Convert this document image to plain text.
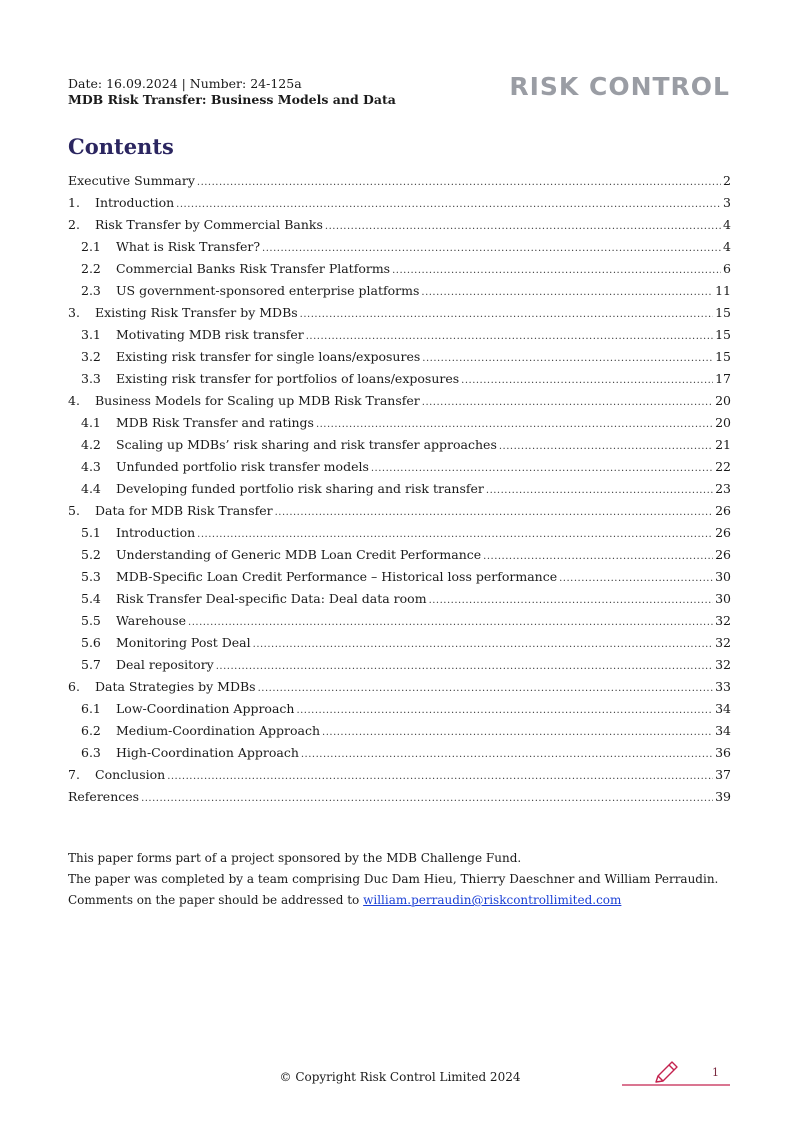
Date: 16.09.2024 | Number: 24-125a
MDB Risk Transfer: Business Models and Data	RISK CONTROL
Contents
Executive Summary .....	2
1.	Introduction .....	3
2.	Risk Transfer by Commercial Banks .....	4
2.1	What is Risk Transfer? .....	4
2.2	Commercial Banks Risk Transfer Platforms .....	6
2.3	US government-sponsored enterprise platforms .....	11
3.	Existing Risk Transfer by MDBs .....	15
3.1	Motivating MDB risk transfer .....	15
3.2	Existing risk transfer for single loans/exposures .....	15
3.3	Existing risk transfer for portfolios of loans/exposures .....	17
4.	Business Models for Scaling up MDB Risk Transfer .....	20
4.1	MDB Risk Transfer and ratings .....	20
4.2	Scaling up MDBs’ risk sharing and risk transfer approaches .....	21
4.3	Unfunded portfolio risk transfer models .....	22
4.4	Developing funded portfolio risk sharing and risk transfer .....	23
5.	Data for MDB Risk Transfer .....	26
5.1	Introduction .....	26
5.2	Understanding of Generic MDB Loan Credit Performance .....	26
5.3	MDB-Specific Loan Credit Performance – Historical loss performance .....	30
5.4	Risk Transfer Deal-specific Data: Deal data room .....	30
5.5	Warehouse .....	32
5.6	Monitoring Post Deal .....	32
5.7	Deal repository .....	32
6.	Data Strategies by MDBs .....	33
6.1	Low-Coordination Approach .....	34
6.2	Medium-Coordination Approach .....	34
6.3	High-Coordination Approach .....	36
7.	Conclusion .....	37
References .....	39

This paper forms part of a project sponsored by the MDB Challenge Fund.

The paper was completed by a team comprising Duc Dam Hieu, Thierry Daeschner and William Perraudin.

Comments on the paper should be addressed to william.perraudin@riskcontrollimited.com

© Copyright Risk Control Limited 2024	1
